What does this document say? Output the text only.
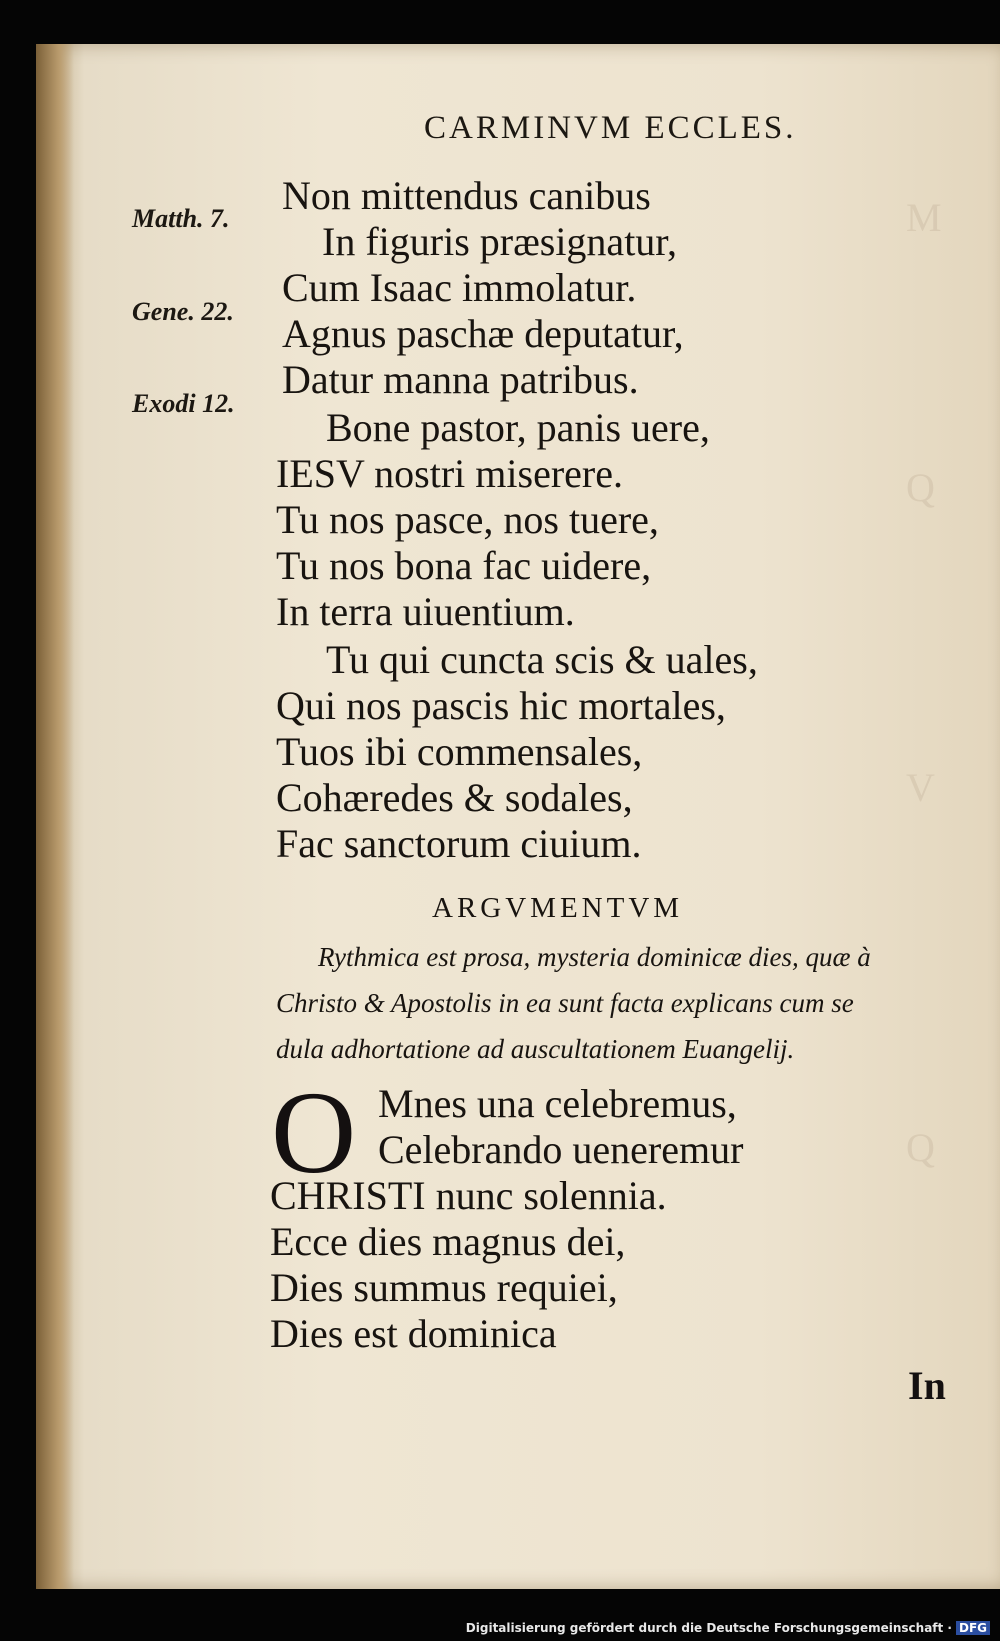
M
Q
V
Q
CARMINVM ECCLES.
Matth. 7.
Gene. 22.
Exodi 12.
Non mittendus canibus
In figuris præsignatur,
Cum Isaac immolatur.
Agnus paschæ deputatur,
Datur manna patribus.
Bone pastor, panis uere,
IESV nostri miserere.
Tu nos pasce, nos tuere,
Tu nos bona fac uidere,
In terra uiuentium.
Tu qui cuncta scis & uales,
Qui nos pascis hic mortales,
Tuos ibi commensales,
Cohæredes & sodales,
Fac sanctorum ciuium.
ARGVMENTVM
Rythmica est prosa, mysteria dominicæ dies, quæ à
Christo & Apostolis in ea sunt facta explicans cum se
dula adhortatione ad auscultationem Euangelij.
O Mnes una celebremus,
Celebrando ueneremur
CHRISTI nunc solennia.
Ecce dies magnus dei,
Dies summus requiei,
Dies est dominica
In
Digitalisierung gefördert durch die Deutsche Forschungsgemeinschaft · DFG
